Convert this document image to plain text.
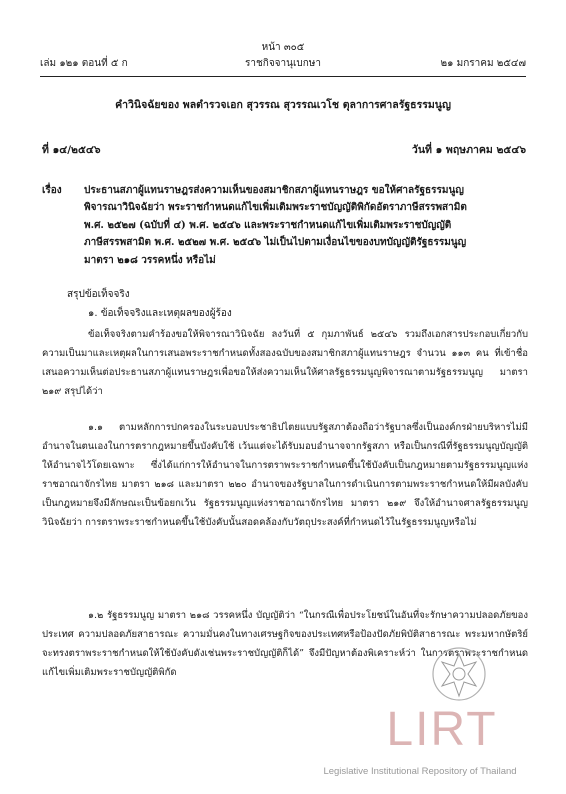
หน้า ๓๐๕
เล่ม ๑๒๑ ตอนที่ ๕ ก	ราชกิจจานุเบกษา	๒๑ มกราคม ๒๕๔๗
คำวินิจฉัยของ พลตำรวจเอก สุวรรณ สุวรรณเวโช ตุลาการศาลรัฐธรรมนูญ
ที่ ๑๔/๒๕๔๖	วันที่ ๑ พฤษภาคม ๒๕๔๖
เรื่อง ประธานสภาผู้แทนราษฎรส่งความเห็นของสมาชิกสภาผู้แทนราษฎร ขอให้ศาลรัฐธรรมนูญ
พิจารณาวินิจฉัยว่า พระราชกำหนดแก้ไขเพิ่มเติมพระราชบัญญัติพิกัดอัตราภาษีสรรพสามิต
พ.ศ. ๒๕๒๗ (ฉบับที่ ๔) พ.ศ. ๒๕๔๖ และพระราชกำหนดแก้ไขเพิ่มเติมพระราชบัญญัติ
ภาษีสรรพสามิต พ.ศ. ๒๕๒๗ พ.ศ. ๒๕๔๖ ไม่เป็นไปตามเงื่อนไขของบทบัญญัติรัฐธรรมนูญ
มาตรา ๒๑๘ วรรคหนึ่ง หรือไม่
สรุปข้อเท็จจริง
๑. ข้อเท็จจริงและเหตุผลของผู้ร้อง

ข้อเท็จจริงตามคำร้องขอให้พิจารณาวินิจฉัย ลงวันที่ ๕ กุมภาพันธ์ ๒๕๔๖ รวมถึงเอกสารประกอบเกี่ยวกับความเป็นมาและเหตุผลในการเสนอพระราชกำหนดทั้งสองฉบับของสมาชิกสภาผู้แทนราษฎร จำนวน ๑๑๓ คน ที่เข้าชื่อเสนอความเห็นต่อประธานสภาผู้แทนราษฎรเพื่อขอให้ส่งความเห็นให้ศาลรัฐธรรมนูญพิจารณาตามรัฐธรรมนูญ มาตรา ๒๑๙ สรุปได้ว่า

๑.๑ ตามหลักการปกครองในระบอบประชาธิปไตยแบบรัฐสภาต้องถือว่ารัฐบาลซึ่งเป็นองค์กรฝ่ายบริหารไม่มีอำนาจในตนเองในการตรากฎหมายขึ้นบังคับใช้ เว้นแต่จะได้รับมอบอำนาจจากรัฐสภา หรือเป็นกรณีที่รัฐธรรมนูญบัญญัติให้อำนาจไว้โดยเฉพาะ ซึ่งได้แก่การให้อำนาจในการตราพระราชกำหนดขึ้นใช้บังคับเป็นกฎหมายตามรัฐธรรมนูญแห่งราชอาณาจักรไทย มาตรา ๒๑๘ และมาตรา ๒๒๐ อำนาจของรัฐบาลในการดำเนินการตามพระราชกำหนดให้มีผลบังคับเป็นกฎหมายจึงมีลักษณะเป็นข้อยกเว้น รัฐธรรมนูญแห่งราชอาณาจักรไทย มาตรา ๒๑๙ จึงให้อำนาจศาลรัฐธรรมนูญวินิจฉัยว่า การตราพระราชกำหนดขึ้นใช้บังคับนั้นสอดคล้องกับวัตถุประสงค์ที่กำหนดไว้ในรัฐธรรมนูญหรือไม่

๑.๒ รัฐธรรมนูญ มาตรา ๒๑๘ วรรคหนึ่ง บัญญัติว่า “ในกรณีเพื่อประโยชน์ในอันที่จะรักษาความปลอดภัยของประเทศ ความปลอดภัยสาธารณะ ความมั่นคงในทางเศรษฐกิจของประเทศหรือป้องปัดภัยพิบัติสาธารณะ พระมหากษัตริย์จะทรงตราพระราชกำหนดให้ใช้บังคับดังเช่นพระราชบัญญัติก็ได้” จึงมีปัญหาต้องพิเคราะห์ว่า ในการตราพระราชกำหนดแก้ไขเพิ่มเติมพระราชบัญญัติพิกัด

LIRT
Legislative Institutional Repository of Thailand
